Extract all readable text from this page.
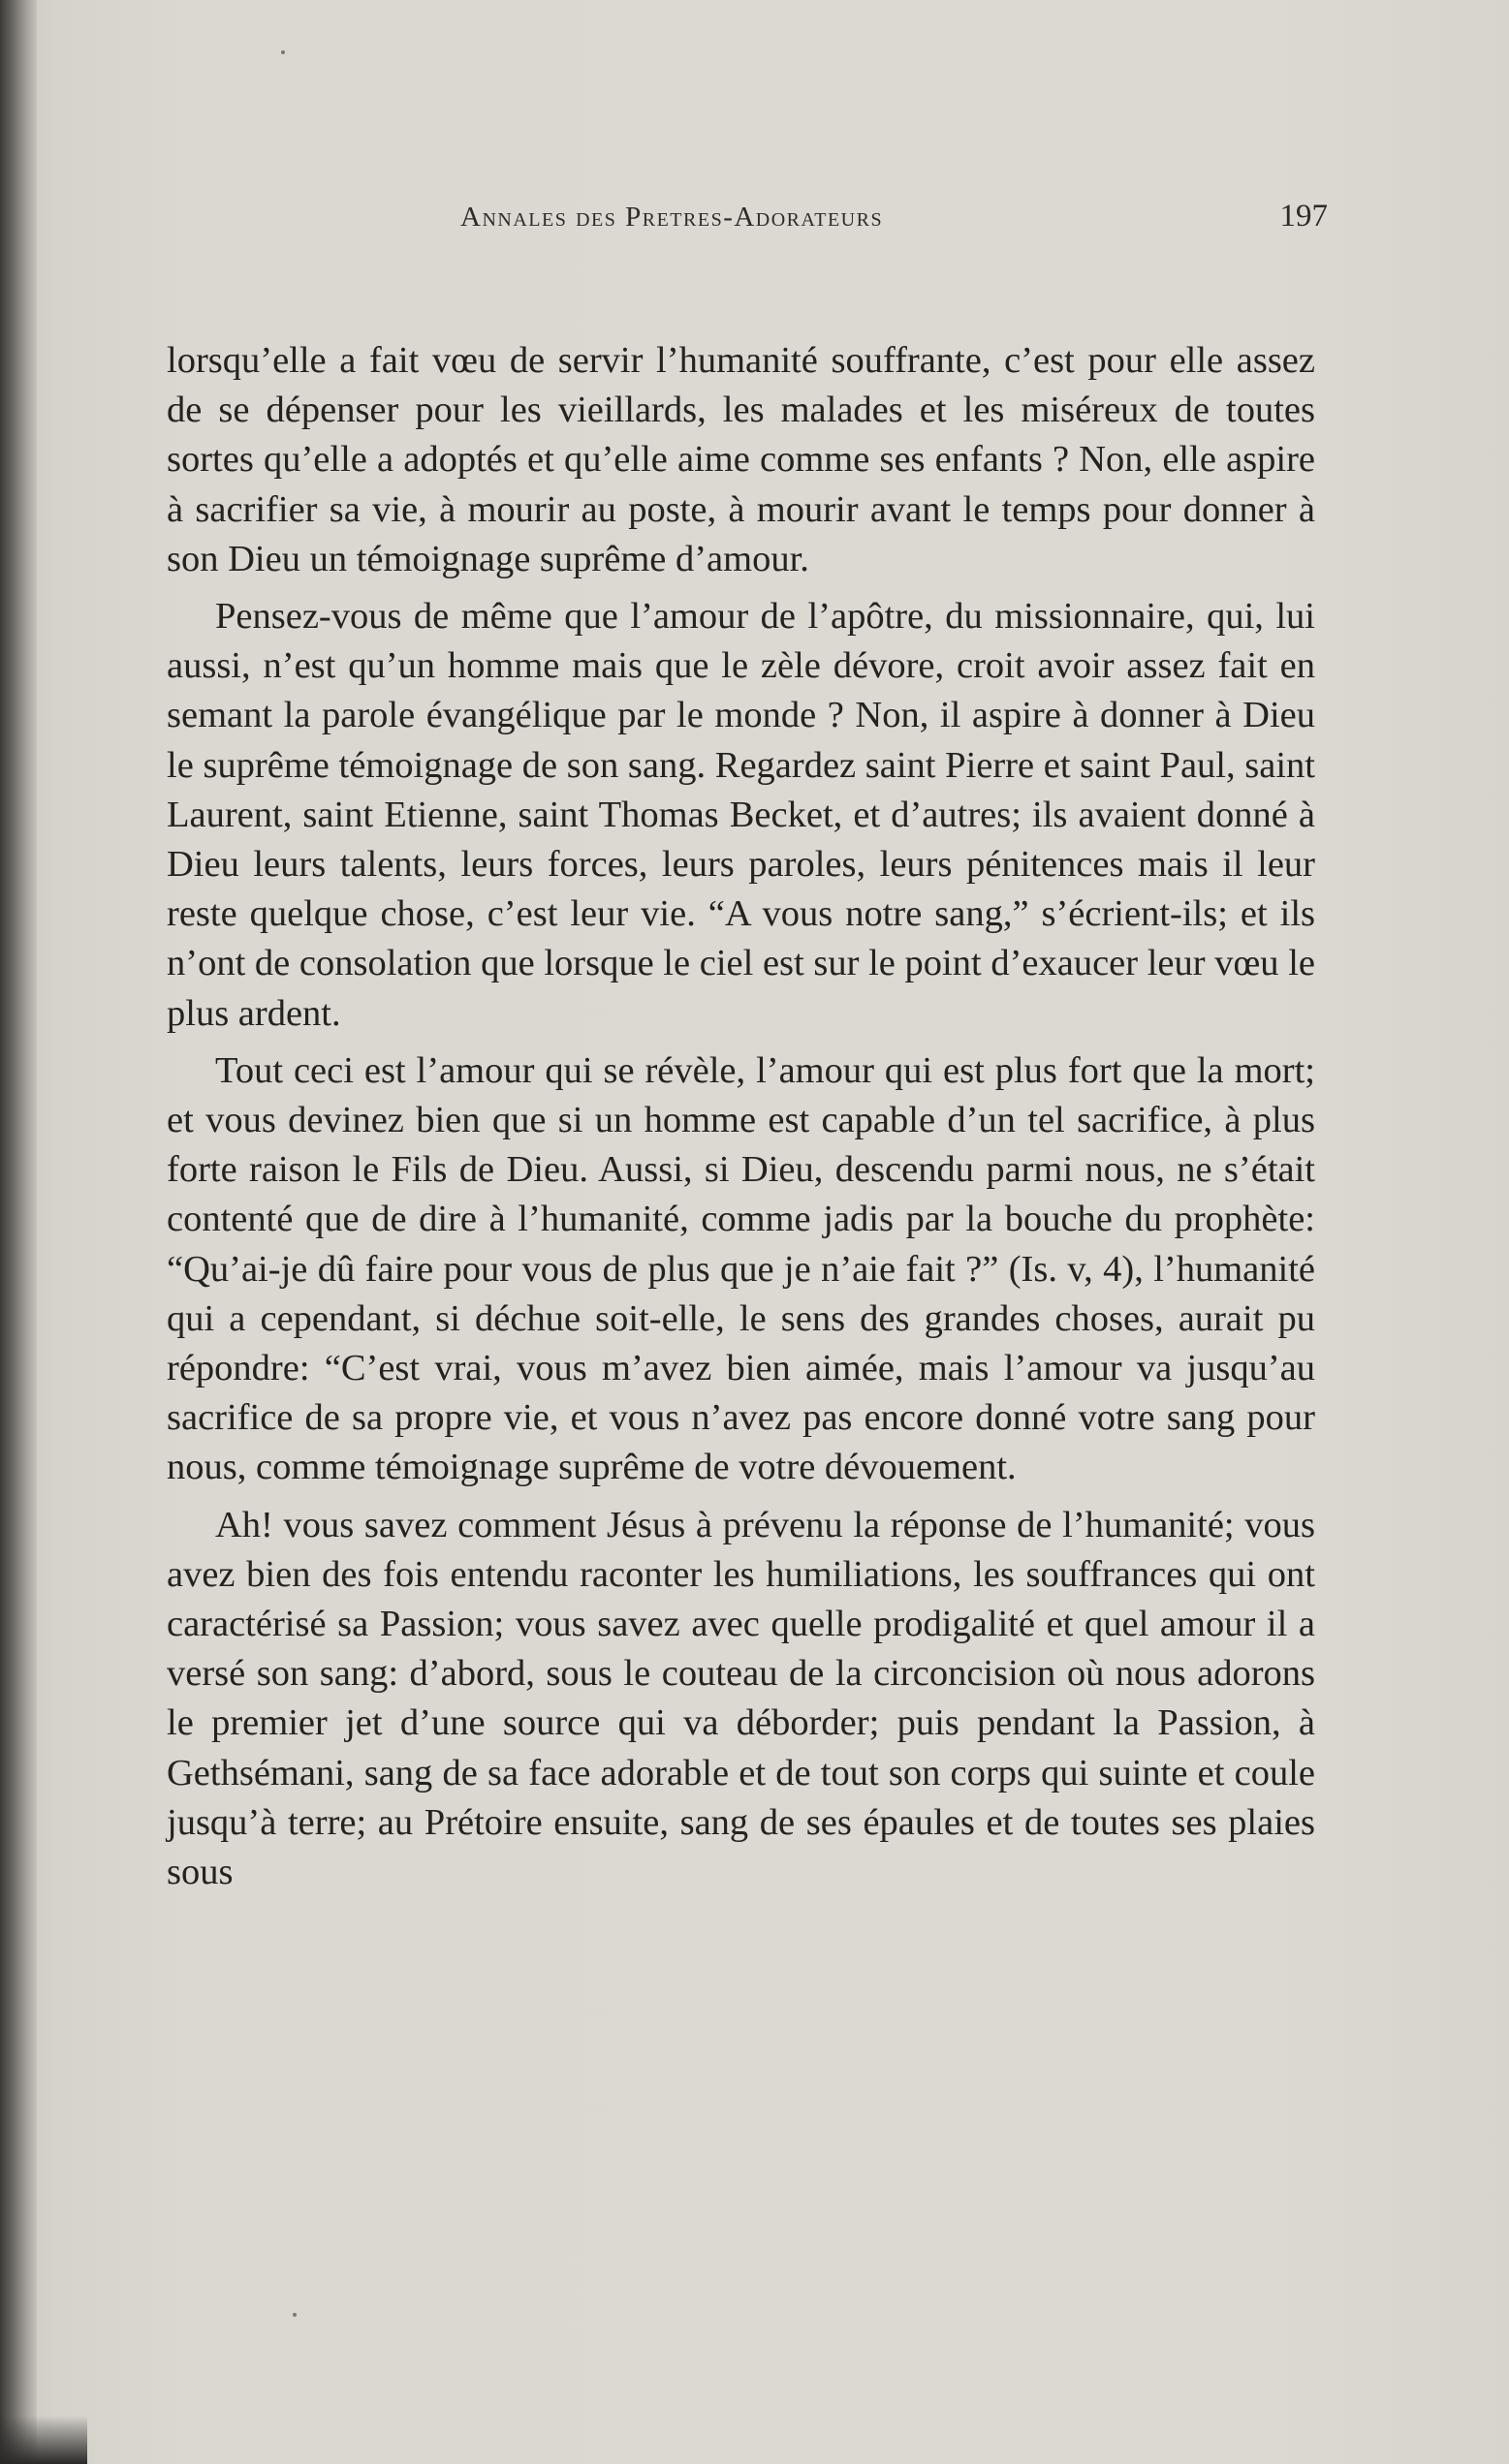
Annales des Pretres-Adorateurs	197

lorsqu’elle a fait vœu de servir l’humanité souffrante, c’est pour elle assez de se dépenser pour les vieillards, les malades et les miséreux de toutes sortes qu’elle a adoptés et qu’elle aime comme ses enfants ? Non, elle aspire à sacrifier sa vie, à mourir au poste, à mourir avant le temps pour donner à son Dieu un témoignage suprême d’amour.

Pensez-vous de même que l’amour de l’apôtre, du missionnaire, qui, lui aussi, n’est qu’un homme mais que le zèle dévore, croit avoir assez fait en semant la parole évangélique par le monde ? Non, il aspire à donner à Dieu le suprême témoignage de son sang. Regardez saint Pierre et saint Paul, saint Laurent, saint Etienne, saint Thomas Becket, et d’autres; ils avaient donné à Dieu leurs talents, leurs forces, leurs paroles, leurs pénitences mais il leur reste quelque chose, c’est leur vie. “A vous notre sang,” s’écrient-ils; et ils n’ont de consolation que lorsque le ciel est sur le point d’exaucer leur vœu le plus ardent.

Tout ceci est l’amour qui se révèle, l’amour qui est plus fort que la mort; et vous devinez bien que si un homme est capable d’un tel sacrifice, à plus forte raison le Fils de Dieu. Aussi, si Dieu, descendu parmi nous, ne s’était contenté que de dire à l’humanité, comme jadis par la bouche du prophète: “Qu’ai-je dû faire pour vous de plus que je n’aie fait ?” (Is. v, 4), l’humanité qui a cependant, si déchue soit-elle, le sens des grandes choses, aurait pu répondre: “C’est vrai, vous m’avez bien aimée, mais l’amour va jusqu’au sacrifice de sa propre vie, et vous n’avez pas encore donné votre sang pour nous, comme témoignage suprême de votre dévouement.

Ah! vous savez comment Jésus à prévenu la réponse de l’humanité; vous avez bien des fois entendu raconter les humiliations, les souffrances qui ont caractérisé sa Passion; vous savez avec quelle prodigalité et quel amour il a versé son sang: d’abord, sous le couteau de la circoncision où nous adorons le premier jet d’une source qui va déborder; puis pendant la Passion, à Gethsémani, sang de sa face adorable et de tout son corps qui suinte et coule jusqu’à terre; au Prétoire ensuite, sang de ses épaules et de toutes ses plaies sous
